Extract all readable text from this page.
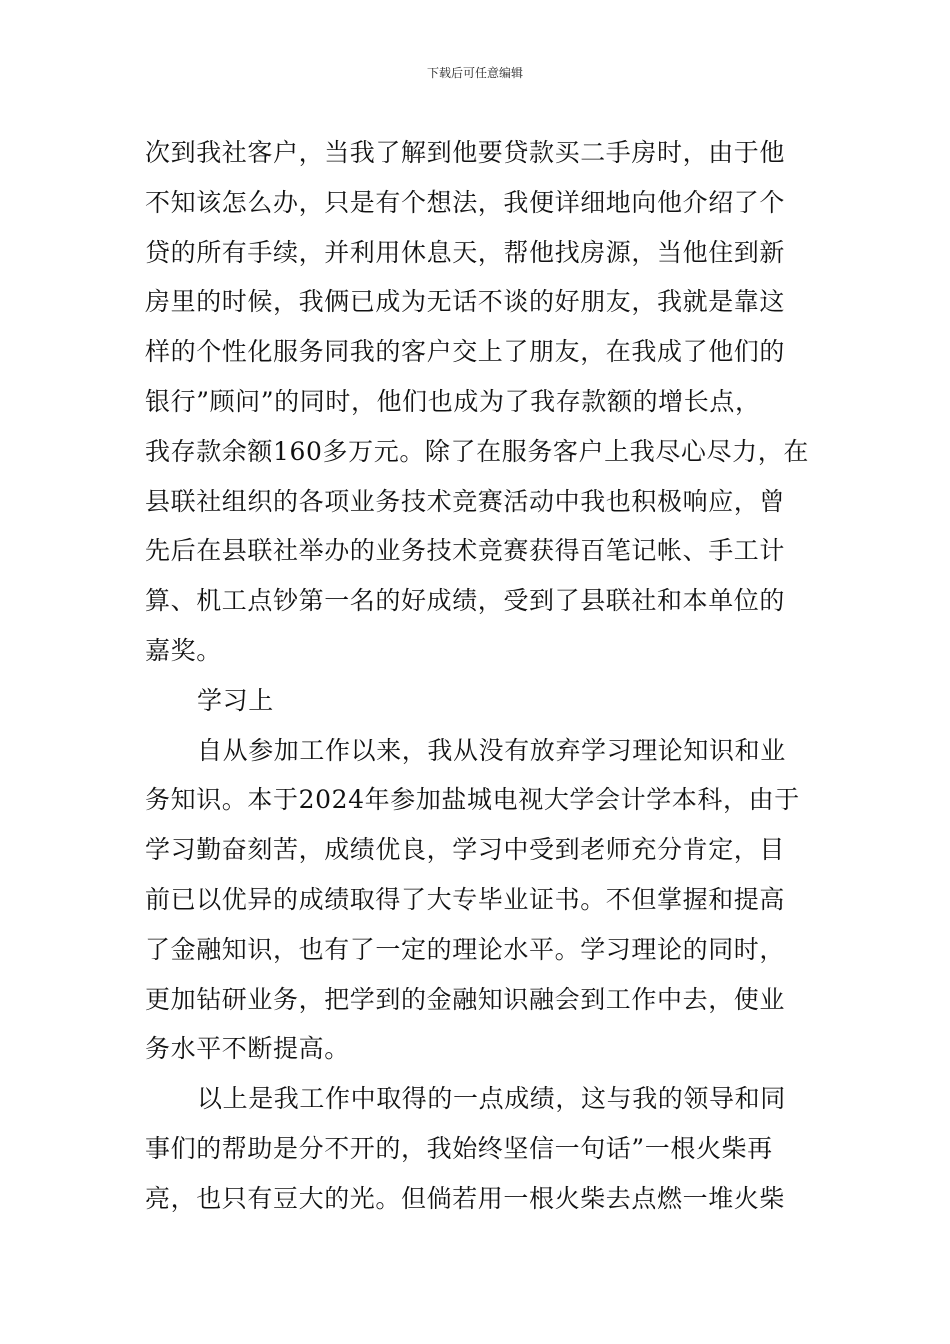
下载后可任意编辑
次到我社客户，当我了解到他要贷款买二手房时，由于他
不知该怎么办，只是有个想法，我便详细地向他介绍了个
贷的所有手续，并利用休息天，帮他找房源，当他住到新
房里的时候，我俩已成为无话不谈的好朋友，我就是靠这
样的个性化服务同我的客户交上了朋友，在我成了他们的
银行”顾问”的同时，他们也成为了我存款额的增长点，
我存款余额160多万元。除了在服务客户上我尽心尽力，在
县联社组织的各项业务技术竞赛活动中我也积极响应，曾
先后在县联社举办的业务技术竞赛获得百笔记帐、手工计
算、机工点钞第一名的好成绩，受到了县联社和本单位的
嘉奖。
学习上
自从参加工作以来，我从没有放弃学习理论知识和业
务知识。本于2024年参加盐城电视大学会计学本科，由于
学习勤奋刻苦，成绩优良，学习中受到老师充分肯定，目
前已以优异的成绩取得了大专毕业证书。不但掌握和提高
了金融知识，也有了一定的理论水平。学习理论的同时，
更加钻研业务，把学到的金融知识融会到工作中去，使业
务水平不断提高。
以上是我工作中取得的一点成绩，这与我的领导和同
事们的帮助是分不开的，我始终坚信一句话”一根火柴再
亮，也只有豆大的光。但倘若用一根火柴去点燃一堆火柴
